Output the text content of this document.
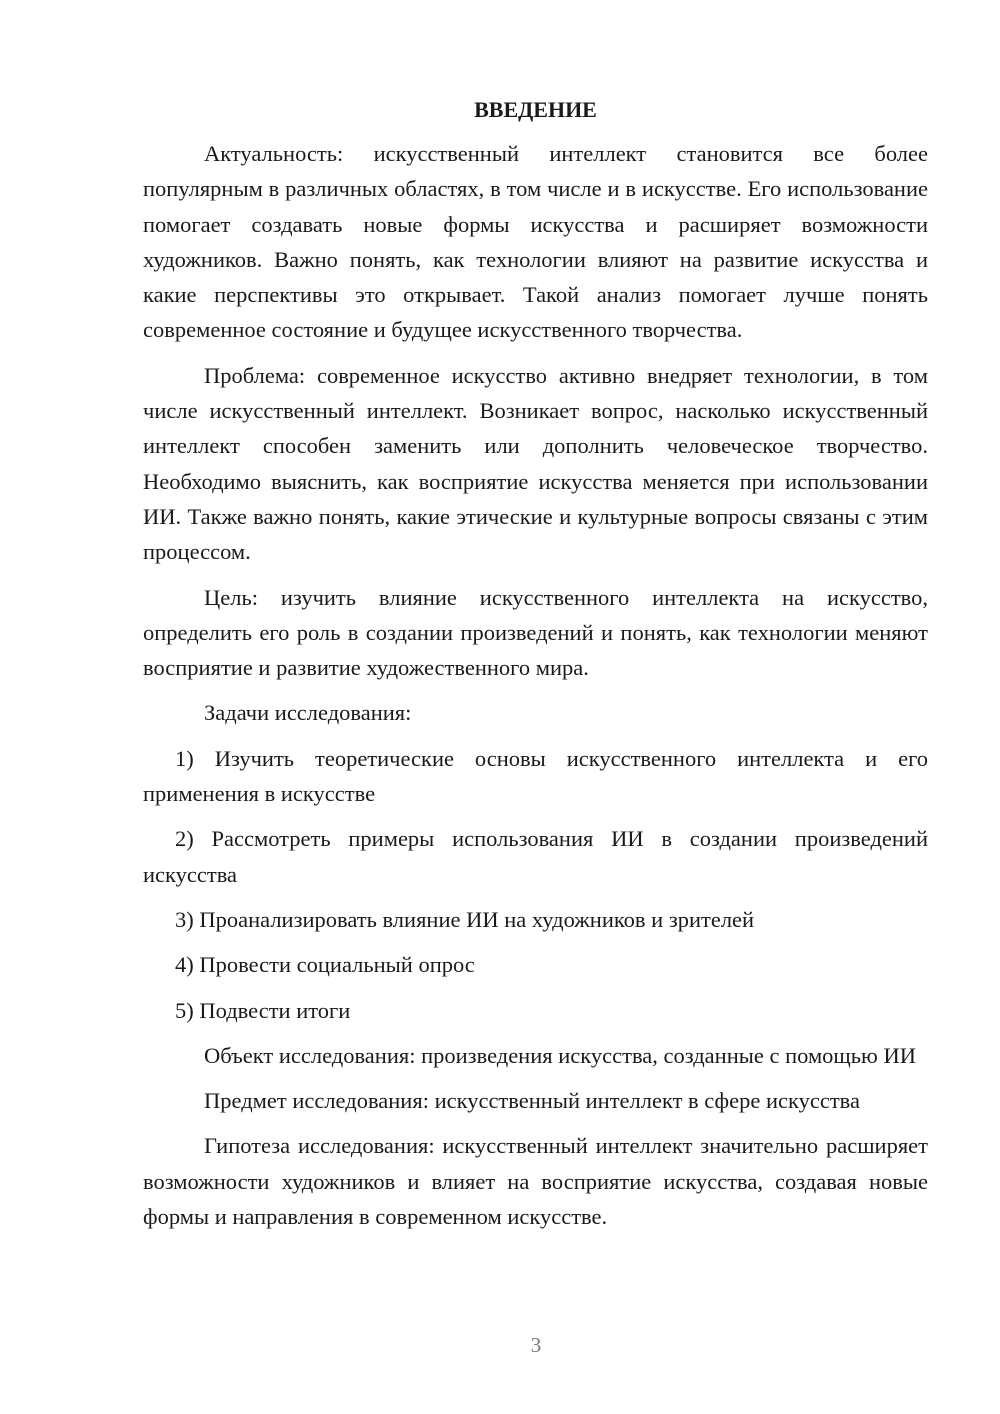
ВВЕДЕНИЕ

Актуальность: искусственный интеллект становится все более популярным в различных областях, в том числе и в искусстве. Его использование помогает создавать новые формы искусства и расширяет возможности художников. Важно понять, как технологии влияют на развитие искусства и какие перспективы это открывает. Такой анализ помогает лучше понять современное состояние и будущее искусственного творчества.

Проблема: современное искусство активно внедряет технологии, в том числе искусственный интеллект. Возникает вопрос, насколько искусственный интеллект способен заменить или дополнить человеческое творчество. Необходимо выяснить, как восприятие искусства меняется при использовании ИИ. Также важно понять, какие этические и культурные вопросы связаны с этим процессом.

Цель: изучить влияние искусственного интеллекта на искусство, определить его роль в создании произведений и понять, как технологии меняют восприятие и развитие художественного мира.

Задачи исследования:

1) Изучить теоретические основы искусственного интеллекта и его применения в искусстве

2) Рассмотреть примеры использования ИИ в создании произведений искусства

3) Проанализировать влияние ИИ на художников и зрителей

4) Провести социальный опрос

5) Подвести итоги

Объект исследования: произведения искусства, созданные с помощью ИИ

Предмет исследования: искусственный интеллект в сфере искусства

Гипотеза исследования: искусственный интеллект значительно расширяет возможности художников и влияет на восприятие искусства, создавая новые формы и направления в современном искусстве.

3
